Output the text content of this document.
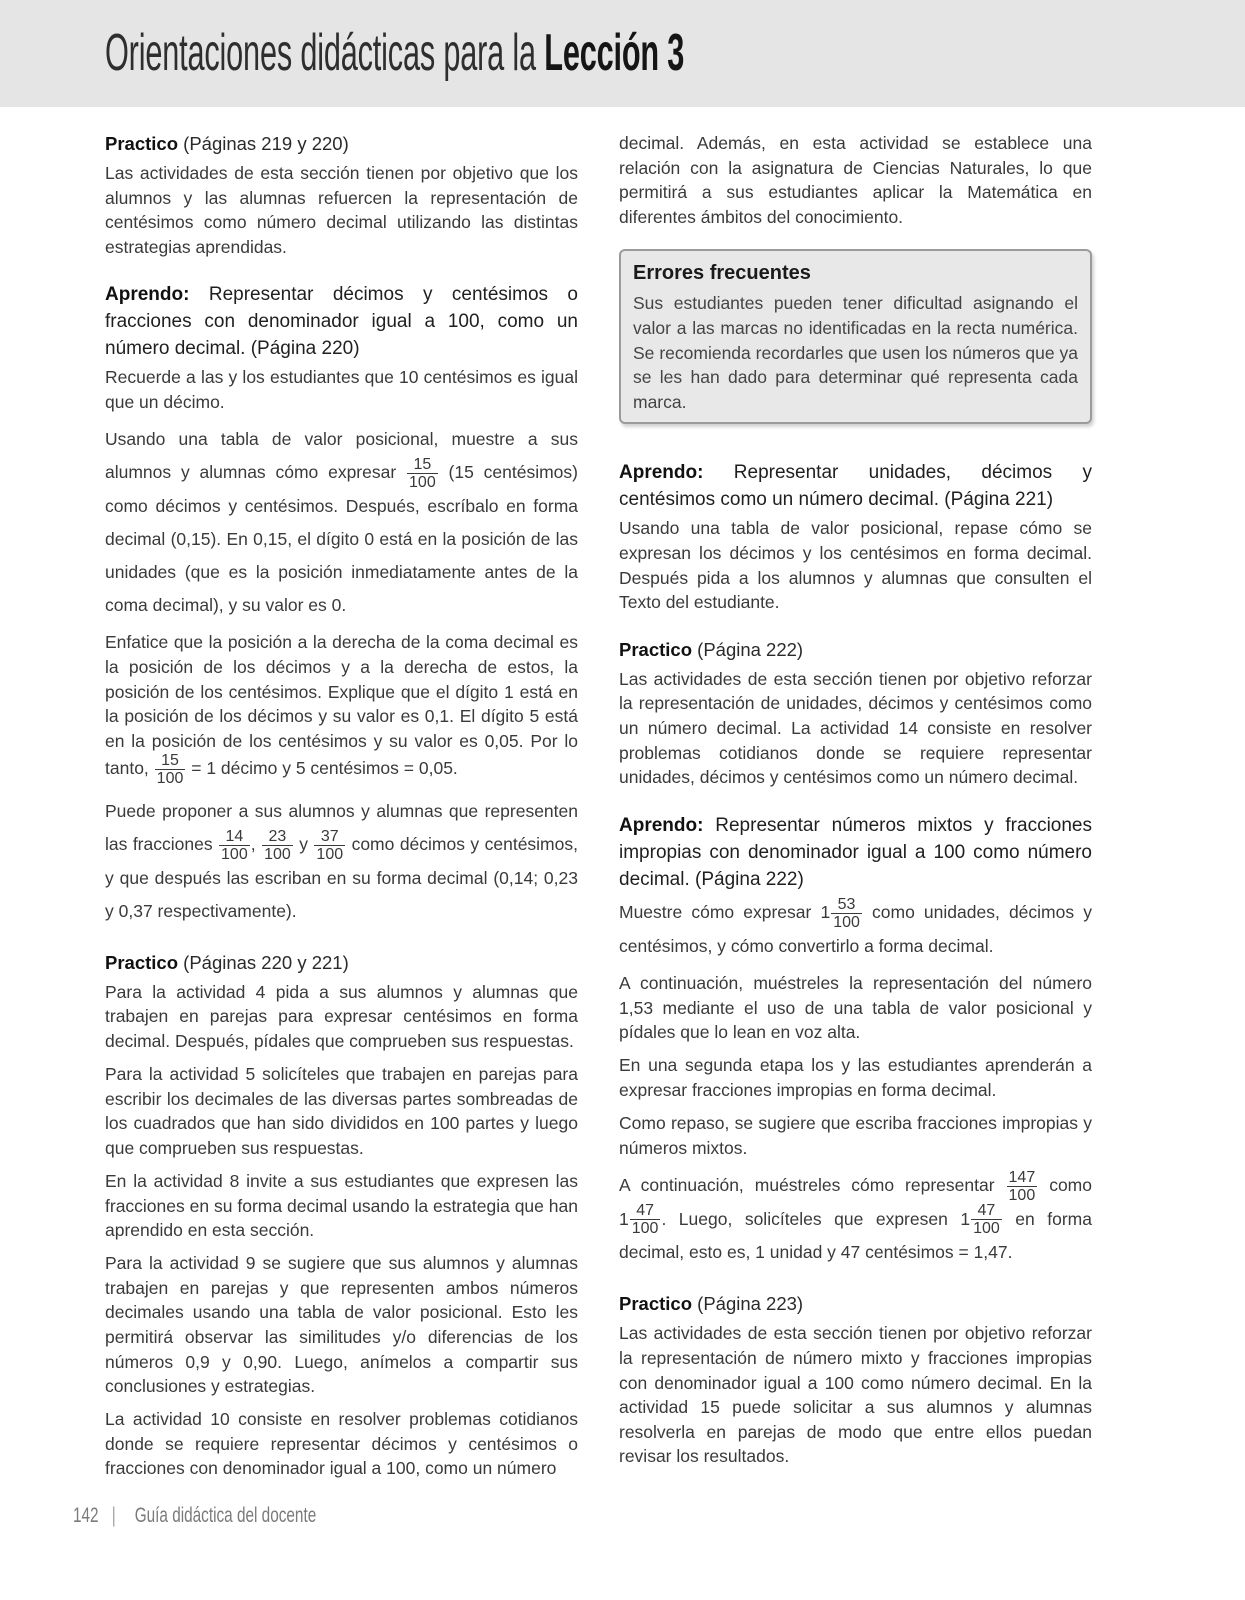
Orientaciones didácticas para la Lección 3
Practico (Páginas 219 y 220)

Las actividades de esta sección tienen por objetivo que los alumnos y las alumnas refuercen la representación de centésimos como número decimal utilizando las distintas estrategias aprendidas.

Aprendo: Representar décimos y centésimos o fracciones con denominador igual a 100, como un número decimal. (Página 220)

Recuerde a las y los estudiantes que 10 centésimos es igual que un décimo.

Usando una tabla de valor posicional, muestre a sus alumnos y alumnas cómo expresar $\frac{15}{100} (15$ centésimos) como décimos y centésimos. Después, escríbalo en forma decimal (0,15). En 0,15, el dígito 0 está en la posición de las unidades (que es la posición inmediatamente antes de la coma decimal), y su valor es 0.

Enfatice que la posición a la derecha de la coma decimal es la posición de los décimos y a la derecha de estos, la posición de los centésimos. Explique que el dígito 1 está en la posición de los décimos y su valor es 0,1. El dígito 5 está en la posición de los centésimos y su valor es 0,05. Por lo tanto, $\frac{15}{100} = 1$ décimo y 5 centésimos = 0,05.

Puede proponer a sus alumnos y alumnas que representen las fracciones $\frac{14}{100}$ , $\frac{23}{100}$ y $\frac{37}{100}$ como décimos y centésimos, y que después las escriban en su forma decimal (0,14; 0,23 y 0,37 respectivamente).

Practico (Páginas 220 y 221)

Para la actividad 4 pida a sus alumnos y alumnas que trabajen en parejas para expresar centésimos en forma decimal. Después, pídales que comprueben sus respuestas.

Para la actividad 5 solicíteles que trabajen en parejas para escribir los decimales de las diversas partes sombreadas de los cuadrados que han sido divididos en 100 partes y luego que comprueben sus respuestas.

En la actividad 8 invite a sus estudiantes que expresen las fracciones en su forma decimal usando la estrategia que han aprendido en esta sección.

Para la actividad 9 se sugiere que sus alumnos y alumnas trabajen en parejas y que representen ambos números decimales usando una tabla de valor posicional. Esto les permitirá observar las similitudes y/o diferencias de los números 0,9 y 0,90. Luego, anímelos a compartir sus conclusiones y estrategias.

La actividad 10 consiste en resolver problemas cotidianos donde se requiere representar décimos y centésimos o fracciones con denominador igual a 100, como un número

decimal. Además, en esta actividad se establece una relación con la asignatura de Ciencias Naturales, lo que permitirá a sus estudiantes aplicar la Matemática en diferentes ámbitos del conocimiento.

Errores frecuentes

Sus estudiantes pueden tener dificultad asignando el valor a las marcas no identificadas en la recta numérica. Se recomienda recordarles que usen los números que ya se les han dado para determinar qué representa cada marca.

Aprendo: Representar unidades, décimos y centésimos como un número decimal. (Página 221)

Usando una tabla de valor posicional, repase cómo se expresan los décimos y los centésimos en forma decimal. Después pida a los alumnos y alumnas que consulten el Texto del estudiante.

Practico (Página 222)

Las actividades de esta sección tienen por objetivo reforzar la representación de unidades, décimos y centésimos como un número decimal. La actividad 14 consiste en resolver problemas cotidianos donde se requiere representar unidades, décimos y centésimos como un número decimal.

Aprendo: Representar números mixtos y fracciones impropias con denominador igual a 100 como número decimal. (Página 222)

Muestre cómo expresar $1 \frac{53}{100}$ como unidades, décimos y centésimos, y cómo convertirlo a forma decimal.

A continuación, muéstreles la representación del número 1,53 mediante el uso de una tabla de valor posicional y pídales que lo lean en voz alta.

En una segunda etapa los y las estudiantes aprenderán a expresar fracciones impropias en forma decimal.

Como repaso, se sugiere que escriba fracciones impropias y números mixtos.

A continuación, muéstreles cómo representar $\frac{147}{100}$ como $1 \frac{47}{100}$ . Luego, solicíteles que expresen $1 \frac{47}{100}$ en forma decimal, esto es, 1 unidad y 47 centésimos = 1,47.

Practico (Página 223)

Las actividades de esta sección tienen por objetivo reforzar la representación de número mixto y fracciones impropias con denominador igual a 100 como número decimal. En la actividad 15 puede solicitar a sus alumnos y alumnas resolverla en parejas de modo que entre ellos puedan revisar los resultados.

142 | Guía didáctica del docente
